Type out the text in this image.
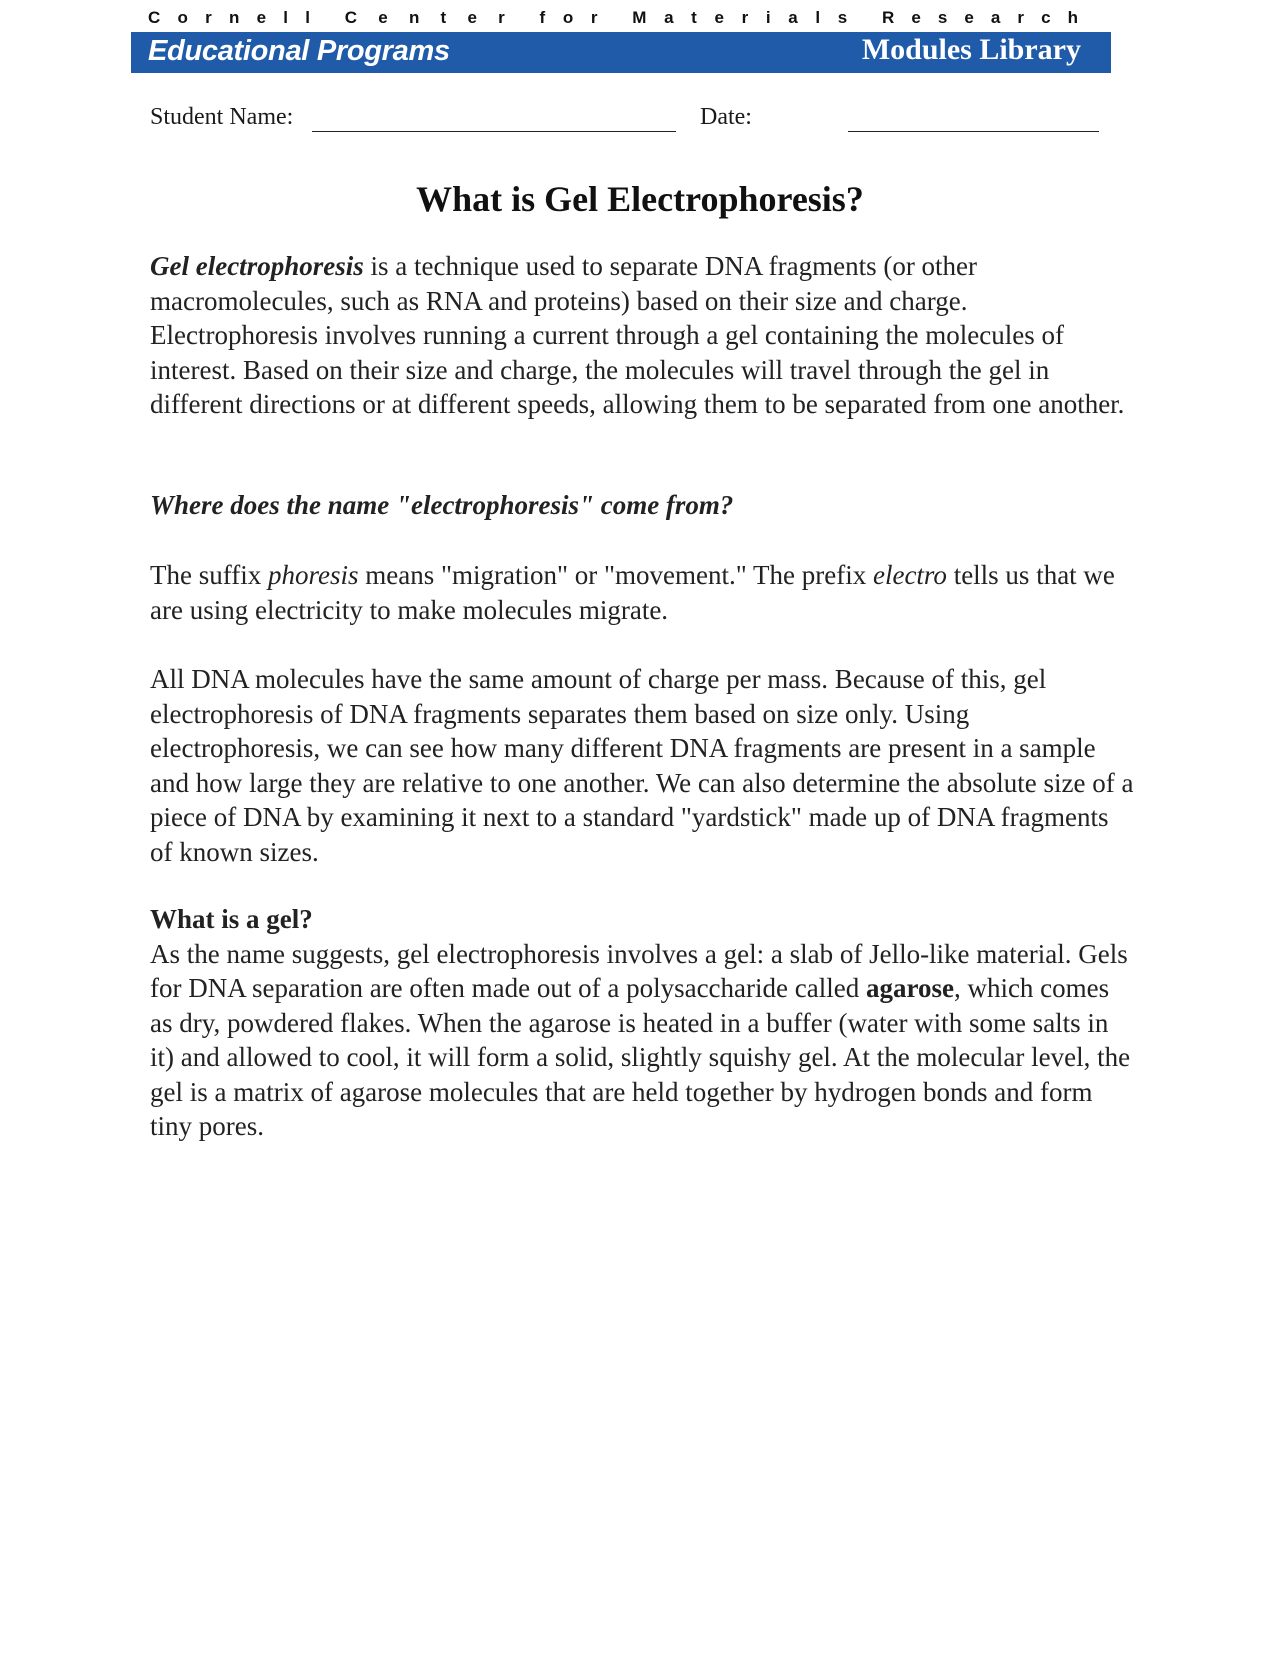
C o r n e l l C e n t e r f o r M a t e r i a l s R e s e a r c h
Educational Programs	Modules Library
Student Name:	Date:
What is Gel Electrophoresis?

Gel electrophoresis is a technique used to separate DNA fragments (or other macromolecules, such as RNA and proteins) based on their size and charge. Electrophoresis involves running a current through a gel containing the molecules of interest. Based on their size and charge, the molecules will travel through the gel in different directions or at different speeds, allowing them to be separated from one another.

Where does the name "electrophoresis" come from?

The suffix phoresis means "migration" or "movement." The prefix electro tells us that we are using electricity to make molecules migrate.

All DNA molecules have the same amount of charge per mass. Because of this, gel electrophoresis of DNA fragments separates them based on size only. Using electrophoresis, we can see how many different DNA fragments are present in a sample and how large they are relative to one another. We can also determine the absolute size of a piece of DNA by examining it next to a standard "yardstick" made up of DNA fragments of known sizes.

What is a gel?

As the name suggests, gel electrophoresis involves a gel: a slab of Jello-like material. Gels for DNA separation are often made out of a polysaccharide called agarose, which comes as dry, powdered flakes. When the agarose is heated in a buffer (water with some salts in it) and allowed to cool, it will form a solid, slightly squishy gel. At the molecular level, the gel is a matrix of agarose molecules that are held together by hydrogen bonds and form tiny pores.
